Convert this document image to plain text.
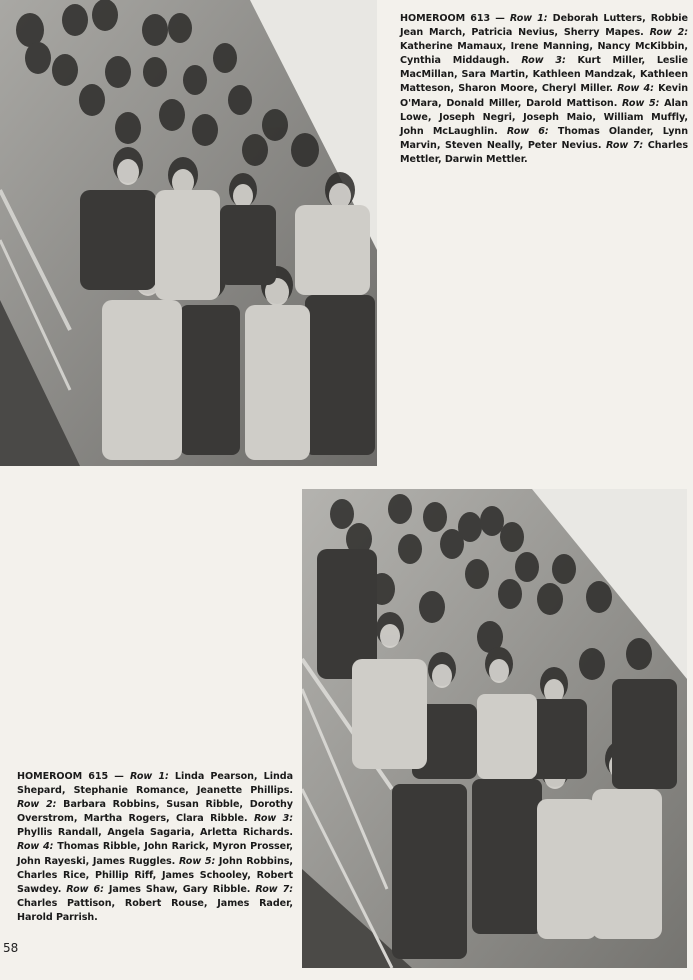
HOMEROOM 613 — Row 1: Deborah Lutters, Robbie Jean March, Patricia Nevius, Sherry Mapes. Row 2: Katherine Mamaux, Irene Manning, Nancy McKibbin, Cynthia Middaugh. Row 3: Kurt Miller, Leslie MacMillan, Sara Martin, Kathleen Mandzak, Kathleen Matteson, Sharon Moore, Cheryl Miller. Row 4: Kevin O'Mara, Donald Miller, Darold Mattison. Row 5: Alan Lowe, Joseph Negri, Joseph Maio, William Muffly, John McLaughlin. Row 6: Thomas Olander, Lynn Marvin, Steven Neally, Peter Nevius. Row 7: Charles Mettler, Darwin Mettler.
HOMEROOM 615 — Row 1: Linda Pearson, Linda Shepard, Stephanie Romance, Jeanette Phillips. Row 2: Barbara Robbins, Susan Ribble, Dorothy Overstrom, Martha Rogers, Clara Ribble. Row 3: Phyllis Randall, Angela Sagaria, Arletta Richards. Row 4: Thomas Ribble, John Rarick, Myron Prosser, John Rayeski, James Ruggles. Row 5: John Robbins, Charles Rice, Phillip Riff, James Schooley, Robert Sawdey. Row 6: James Shaw, Gary Ribble. Row 7: Charles Pattison, Robert Rouse, James Rader, Harold Parrish.
58
